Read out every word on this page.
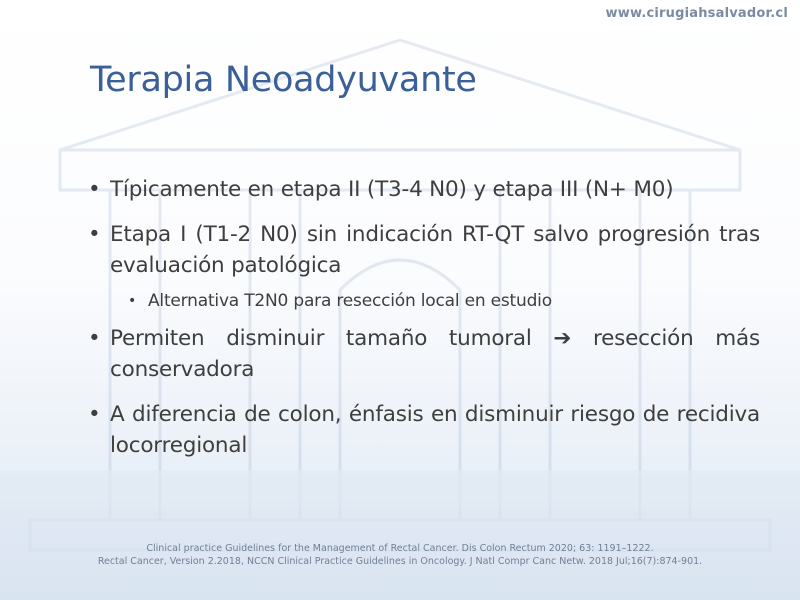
www.cirugiahsalvador.cl
Terapia Neoadyuvante
• Típicamente en etapa II (T3-4 N0) y etapa III (N+ M0)
• Etapa I (T1-2 N0) sin indicación RT-QT salvo progresión tras evaluación patológica
• Alternativa T2N0 para resección local en estudio
• Permiten disminuir tamaño tumoral ➔ resección más conservadora
• A diferencia de colon, énfasis en disminuir riesgo de recidiva locorregional
Clinical practice Guidelines for the Management of Rectal Cancer. Dis Colon Rectum 2020; 63: 1191–1222.
Rectal Cancer, Version 2.2018, NCCN Clinical Practice Guidelines in Oncology. J Natl Compr Canc Netw. 2018 Jul;16(7):874-901.
